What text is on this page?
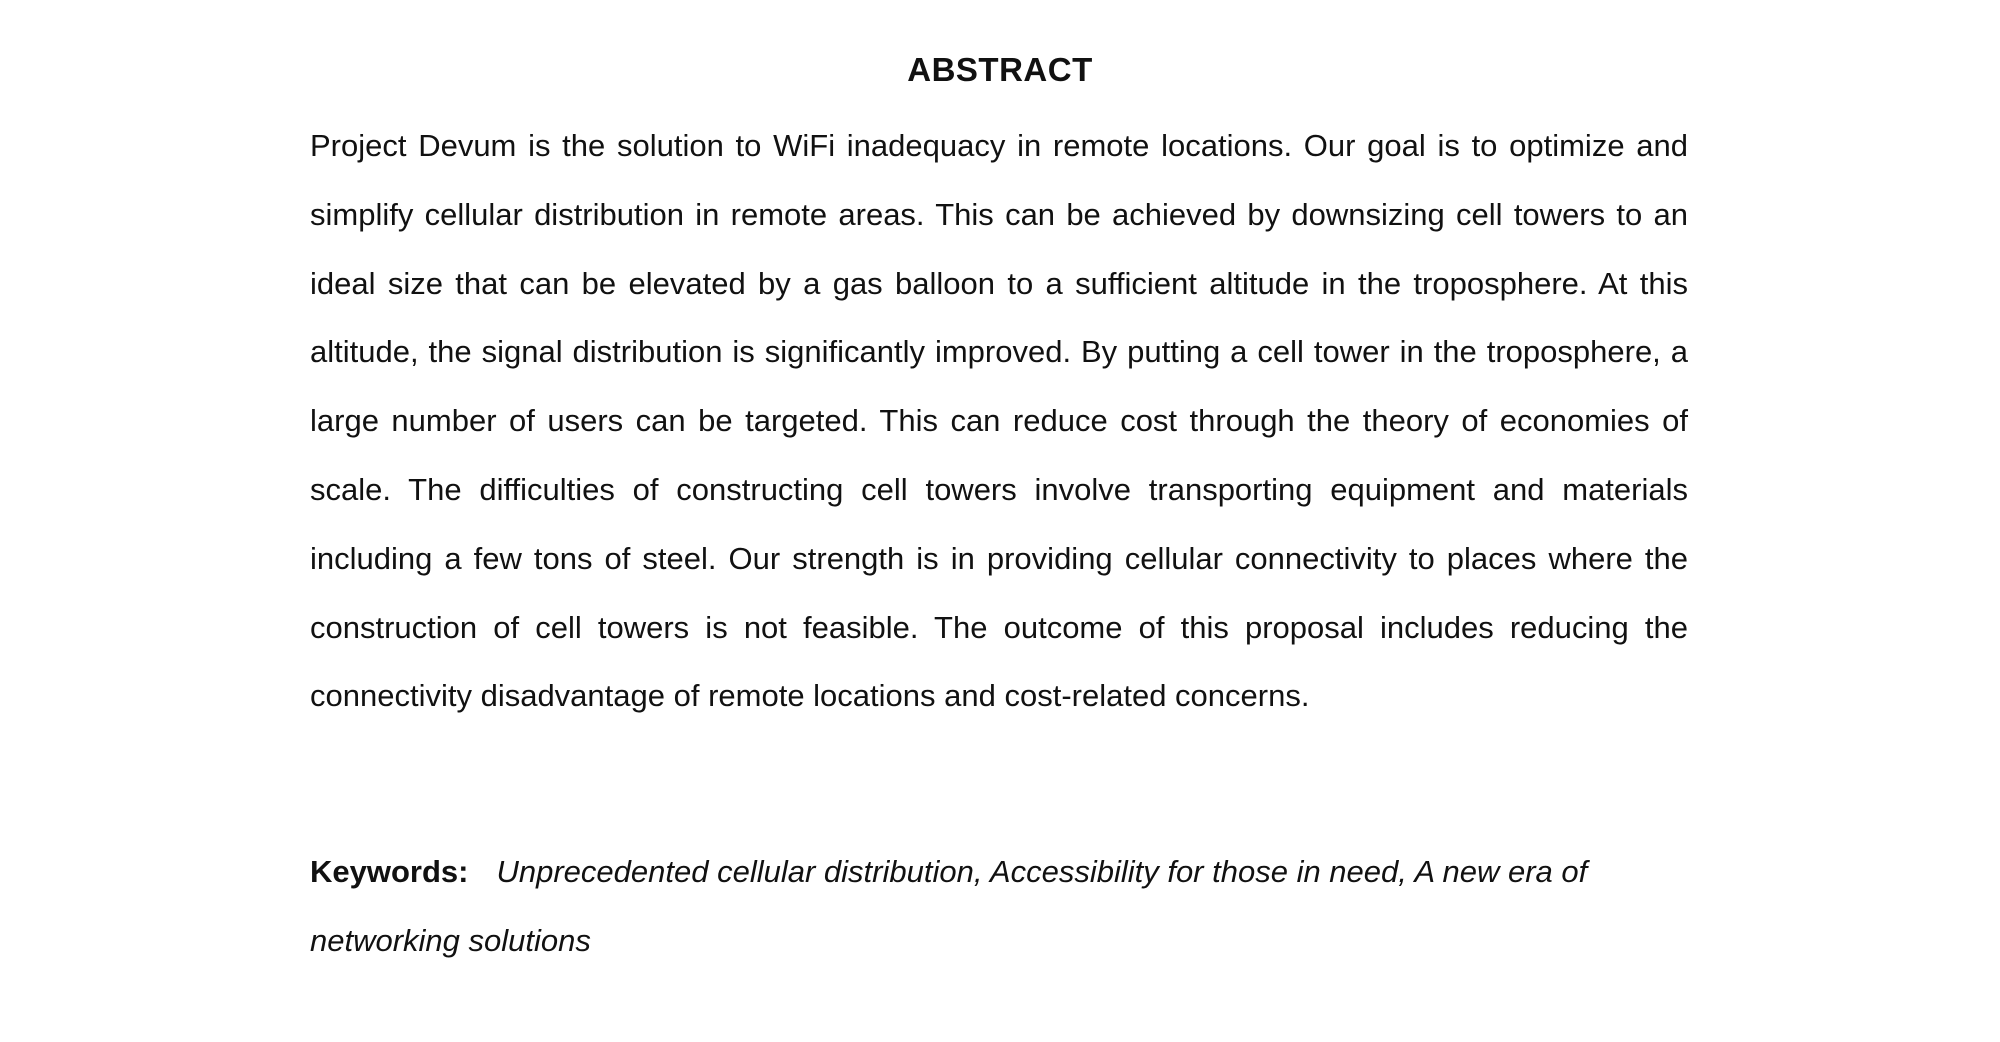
ABSTRACT

Project Devum is the solution to WiFi inadequacy in remote locations. Our goal is to optimize and simplify cellular distribution in remote areas. This can be achieved by downsizing cell towers to an ideal size that can be elevated by a gas balloon to a sufficient altitude in the troposphere. At this altitude, the signal distribution is significantly improved. By putting a cell tower in the troposphere, a large number of users can be targeted. This can reduce cost through the theory of economies of scale. The difficulties of constructing cell towers involve transporting equipment and materials including a few tons of steel. Our strength is in providing cellular connectivity to places where the construction of cell towers is not feasible. The outcome of this proposal includes reducing the connectivity disadvantage of remote locations and cost-related concerns.

Keywords: Unprecedented cellular distribution, Accessibility for those in need, A new era of networking solutions
